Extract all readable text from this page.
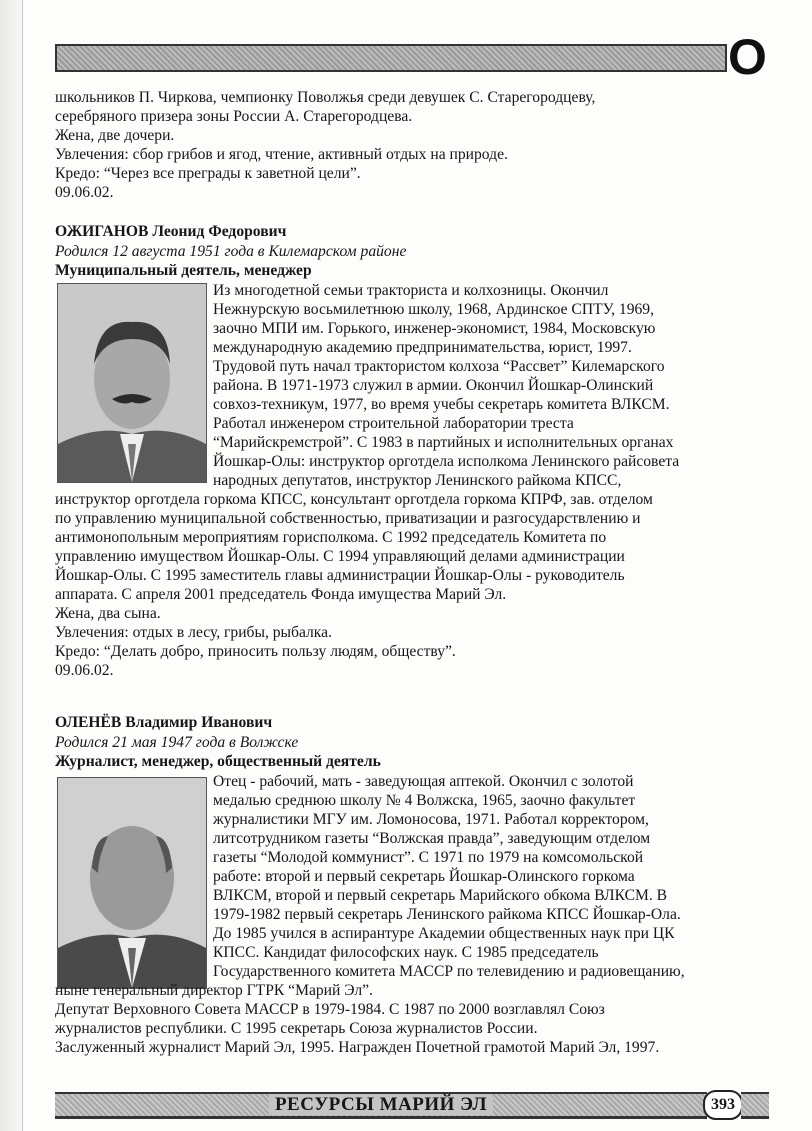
О
школьников П. Чиркова, чемпионку Поволжья среди девушек С. Старегородцеву,
серебряного призера зоны России А. Старегородцева.
Жена, две дочери.
Увлечения: сбор грибов и ягод, чтение, активный отдых на природе.
Кредо: “Через все преграды к заветной цели”.
09.06.02.
ОЖИГАНОВ Леонид Федорович
Родился 12 августа 1951 года в Килемарском районе
Муниципальный деятель, менеджер
Из многодетной семьи тракториста и колхозницы. Окончил
Нежнурскую восьмилетнюю школу, 1968, Ардинское СПТУ, 1969,
заочно МПИ им. Горького, инженер-экономист, 1984, Московскую
международную академию предпринимательства, юрист, 1997.
Трудовой путь начал трактористом колхоза “Рассвет” Килемарского
района. В 1971-1973 служил в армии. Окончил Йошкар-Олинский
совхоз-техникум, 1977, во время учебы секретарь комитета ВЛКСМ.
Работал инженером строительной лаборатории треста
“Марийскремстрой”. С 1983 в партийных и исполнительных органах
Йошкар-Олы: инструктор орготдела исполкома Ленинского райсовета
народных депутатов, инструктор Ленинского райкома КПСС,
инструктор орготдела горкома КПСС, консультант орготдела горкома КПРФ, зав. отделом
по управлению муниципальной собственностью, приватизации и разгосударствлению и
антимонопольным мероприятиям горисполкома. С 1992 председатель Комитета по
управлению имуществом Йошкар-Олы. С 1994 управляющий делами администрации
Йошкар-Олы. С 1995 заместитель главы администрации Йошкар-Олы - руководитель
аппарата. С апреля 2001 председатель Фонда имущества Марий Эл.
Жена, два сына.
Увлечения: отдых в лесу, грибы, рыбалка.
Кредо: “Делать добро, приносить пользу людям, обществу”.
09.06.02.
ОЛЕНЁВ Владимир Иванович
Родился 21 мая 1947 года в Волжске
Журналист, менеджер, общественный деятель
Отец - рабочий, мать - заведующая аптекой. Окончил с золотой
медалью среднюю школу № 4 Волжска, 1965, заочно факультет
журналистики МГУ им. Ломоносова, 1971. Работал корректором,
литсотрудником газеты “Волжская правда”, заведующим отделом
газеты “Молодой коммунист”. С 1971 по 1979 на комсомольской
работе: второй и первый секретарь Йошкар-Олинского горкома
ВЛКСМ, второй и первый секретарь Марийского обкома ВЛКСМ. В
1979-1982 первый секретарь Ленинского райкома КПСС Йошкар-Ола.
До 1985 учился в аспирантуре Академии общественных наук при ЦК
КПСС. Кандидат философских наук. С 1985 председатель
Государственного комитета МАССР по телевидению и радиовещанию,
ныне генеральный директор ГТРК “Марий Эл”.
Депутат Верховного Совета МАССР в 1979-1984. С 1987 по 2000 возглавлял Союз
журналистов республики. С 1995 секретарь Союза журналистов России.
Заслуженный журналист Марий Эл, 1995. Награжден Почетной грамотой Марий Эл, 1997.
РЕСУРСЫ МАРИЙ ЭЛ	393
